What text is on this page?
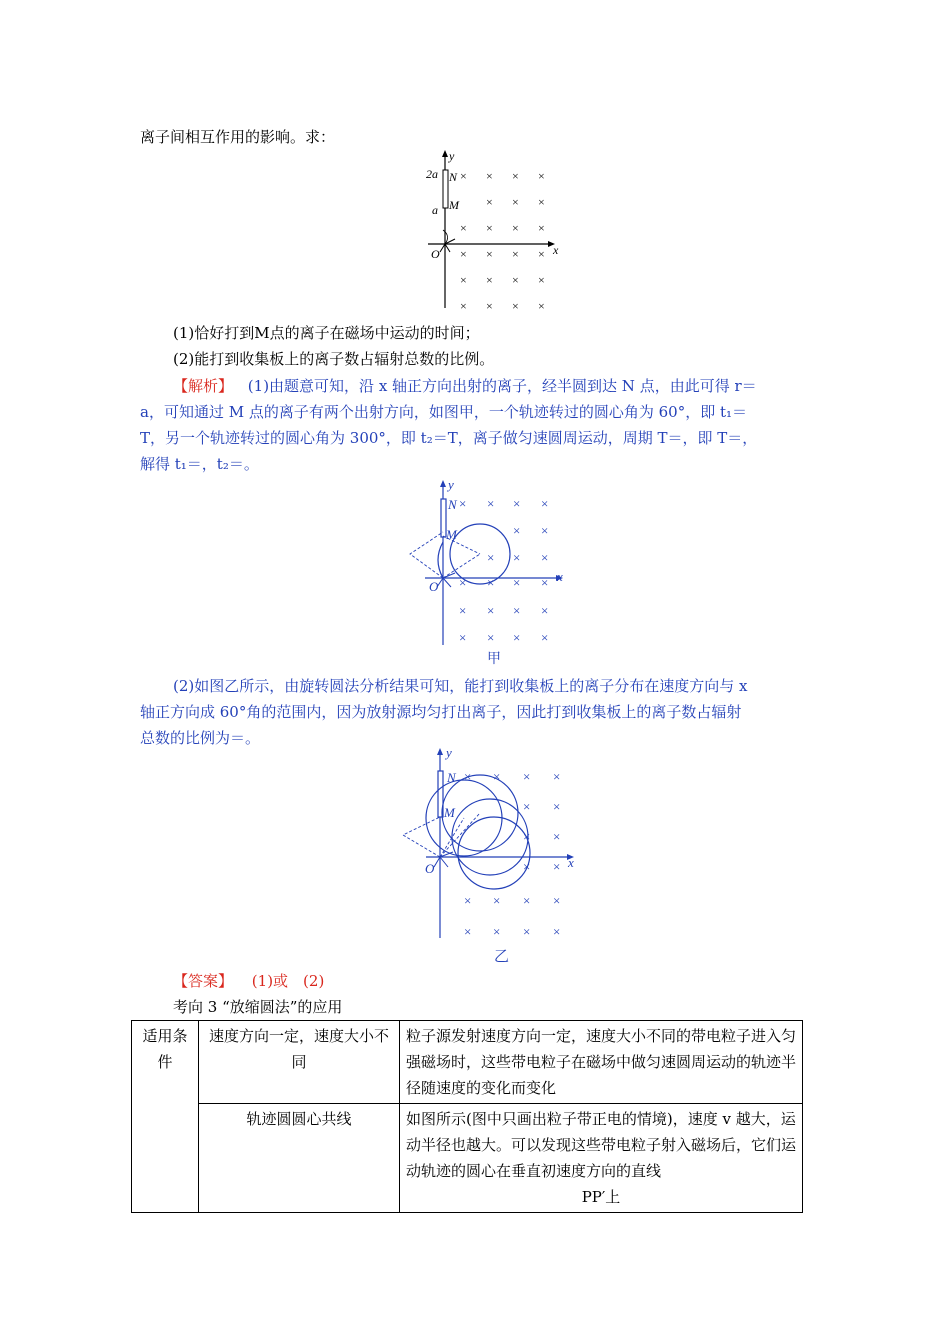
离子间相互作用的影响。求：
y
x
O
2a
a
N
M
× × × ×
× × ×
× × × ×
× × × ×
× × × ×
× × × ×
(1)恰好打到M点的离子在磁场中运动的时间；
(2)能打到收集板上的离子数占辐射总数的比例。
【解析】 (1)由题意可知，沿 x 轴正方向出射的离子，经半圆到达 N 点，由此可得 r＝
a，可知通过 M 点的离子有两个出射方向，如图甲，一个轨迹转过的圆心角为 60°，即 t₁＝
T，另一个轨迹转过的圆心角为 300°，即 t₂＝T，离子做匀速圆周运动，周期 T＝，即 T＝，
解得 t₁＝，t₂＝。
y
x
O
N
M
× × × ×
× ×
× × ×
× × × ×
× × × ×
× × × ×
甲
(2)如图乙所示，由旋转圆法分析结果可知，能打到收集板上的离子分布在速度方向与 x
轴正方向成 60°角的范围内，因为放射源均匀打出离子，因此打到收集板上的离子数占辐射
总数的比例为＝。
y
x
O
N
M
× × × ×
× ×
× ×
× ×
× × × ×
× × × ×
乙
【答案】 (1)或　(2)
考向 3 “放缩圆法”的应用
适用条件	速度方向一定，速度大小不同	粒子源发射速度方向一定，速度大小不同的带电粒子进入匀强磁场时，这些带电粒子在磁场中做匀速圆周运动的轨迹半径随速度的变化而变化
	轨迹圆圆心共线	如图所示(图中只画出粒子带正电的情境)，速度 v 越大，运动半径也越大。可以发现这些带电粒子射入磁场后，它们运动轨迹的圆心在垂直初速度方向的直线
PP′上
